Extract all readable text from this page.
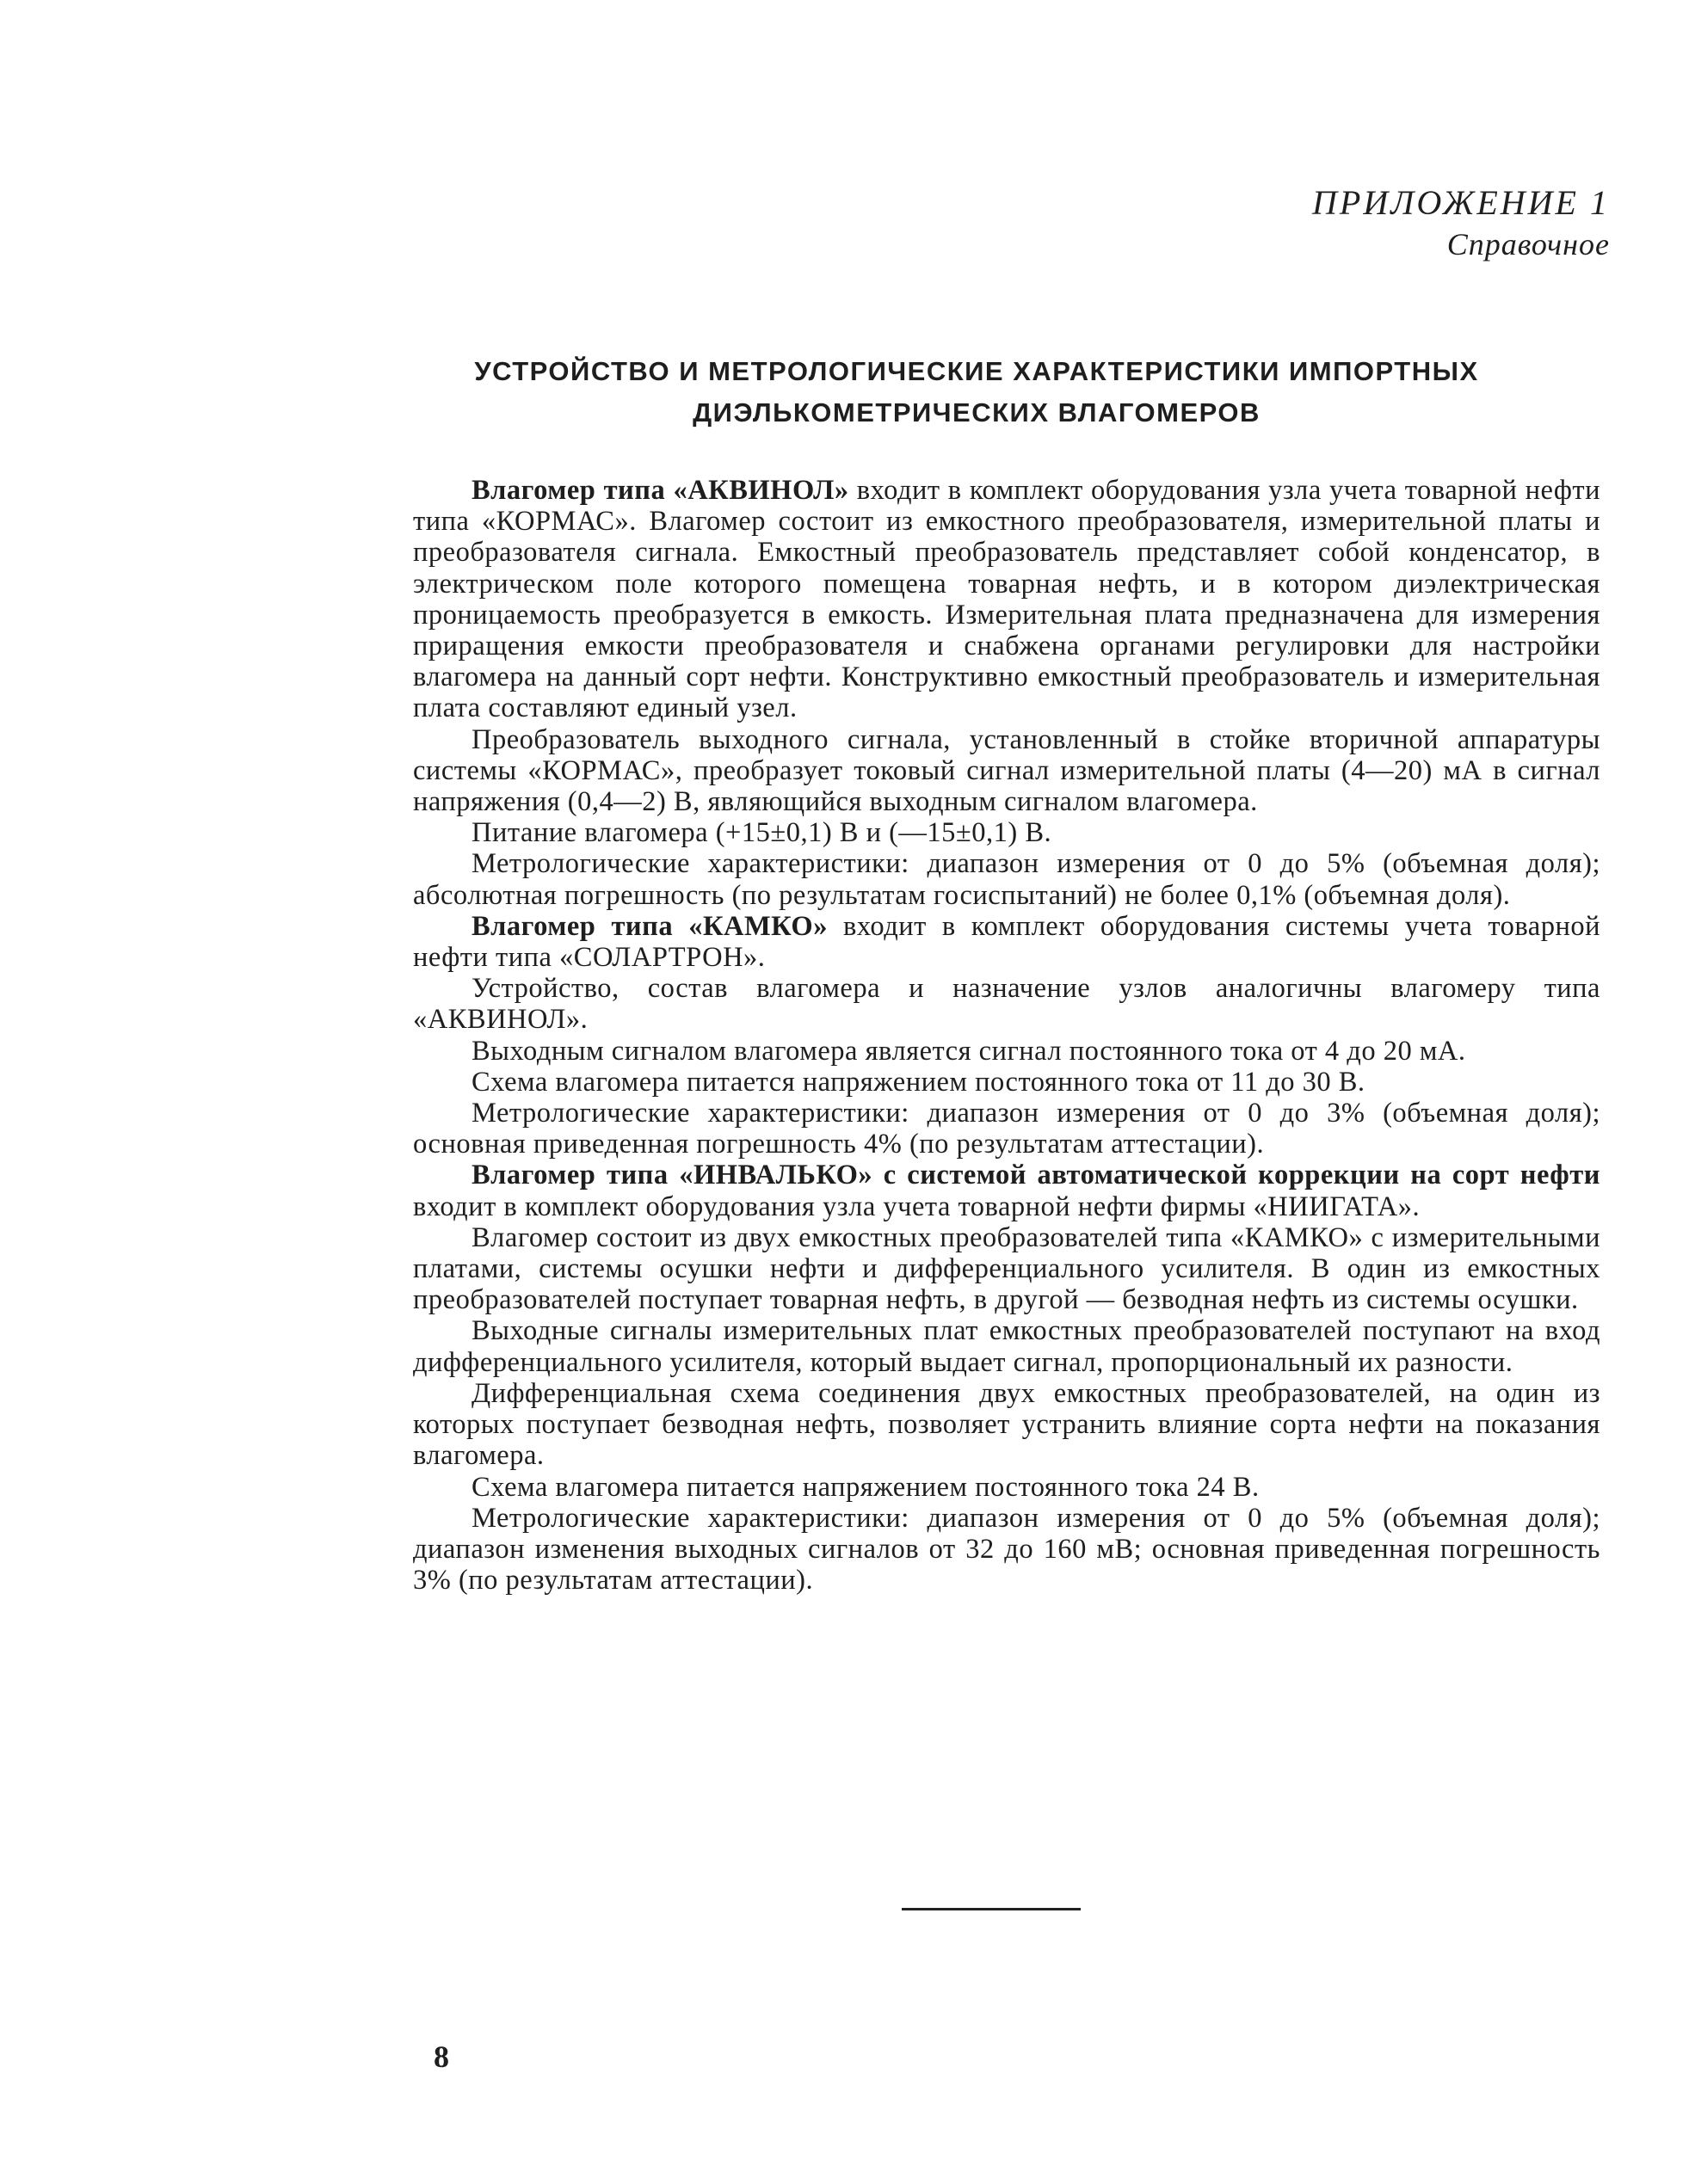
ПРИЛОЖЕНИЕ 1
Справочное
УСТРОЙСТВО И МЕТРОЛОГИЧЕСКИЕ ХАРАКТЕРИСТИКИ ИМПОРТНЫХ
ДИЭЛЬКОМЕТРИЧЕСКИХ ВЛАГОМЕРОВ

Влагомер типа «АКВИНОЛ» входит в комплект оборудования узла учета товарной нефти типа «КОРМАС». Влагомер состоит из емкостного преобразователя, измерительной платы и преобразователя сигнала. Емкостный преобразователь представляет собой конденсатор, в электрическом поле которого помещена товарная нефть, и в котором диэлектрическая проницаемость преобразуется в емкость. Измерительная плата предназначена для измерения приращения емкости преобразователя и снабжена органами регулировки для настройки влагомера на данный сорт нефти. Конструктивно емкостный преобразователь и измерительная плата составляют единый узел.

Преобразователь выходного сигнала, установленный в стойке вторичной аппаратуры системы «КОРМАС», преобразует токовый сигнал измерительной платы (4—20) мА в сигнал напряжения (0,4—2) В, являющийся выходным сигналом влагомера.

Питание влагомера (+15±0,1) В и (—15±0,1) В.

Метрологические характеристики: диапазон измерения от 0 до 5% (объемная доля); абсолютная погрешность (по результатам госиспытаний) не более 0,1% (объемная доля).

Влагомер типа «КАМКО» входит в комплект оборудования системы учета товарной нефти типа «СОЛАРТРОН».

Устройство, состав влагомера и назначение узлов аналогичны влагомеру типа «АКВИНОЛ».

Выходным сигналом влагомера является сигнал постоянного тока от 4 до 20 мА.

Схема влагомера питается напряжением постоянного тока от 11 до 30 В.

Метрологические характеристики: диапазон измерения от 0 до 3% (объемная доля); основная приведенная погрешность 4% (по результатам аттестации).

Влагомер типа «ИНВАЛЬКО» с системой автоматической коррекции на сорт нефти входит в комплект оборудования узла учета товарной нефти фирмы «НИИГАТА».

Влагомер состоит из двух емкостных преобразователей типа «КАМКО» с измерительными платами, системы осушки нефти и дифференциального усилителя. В один из емкостных преобразователей поступает товарная нефть, в другой — безводная нефть из системы осушки.

Выходные сигналы измерительных плат емкостных преобразователей поступают на вход дифференциального усилителя, который выдает сигнал, пропорциональный их разности.

Дифференциальная схема соединения двух емкостных преобразователей, на один из которых поступает безводная нефть, позволяет устранить влияние сорта нефти на показания влагомера.

Схема влагомера питается напряжением постоянного тока 24 В.

Метрологические характеристики: диапазон измерения от 0 до 5% (объемная доля); диапазон изменения выходных сигналов от 32 до 160 мВ; основная приведенная погрешность 3% (по результатам аттестации).

8
